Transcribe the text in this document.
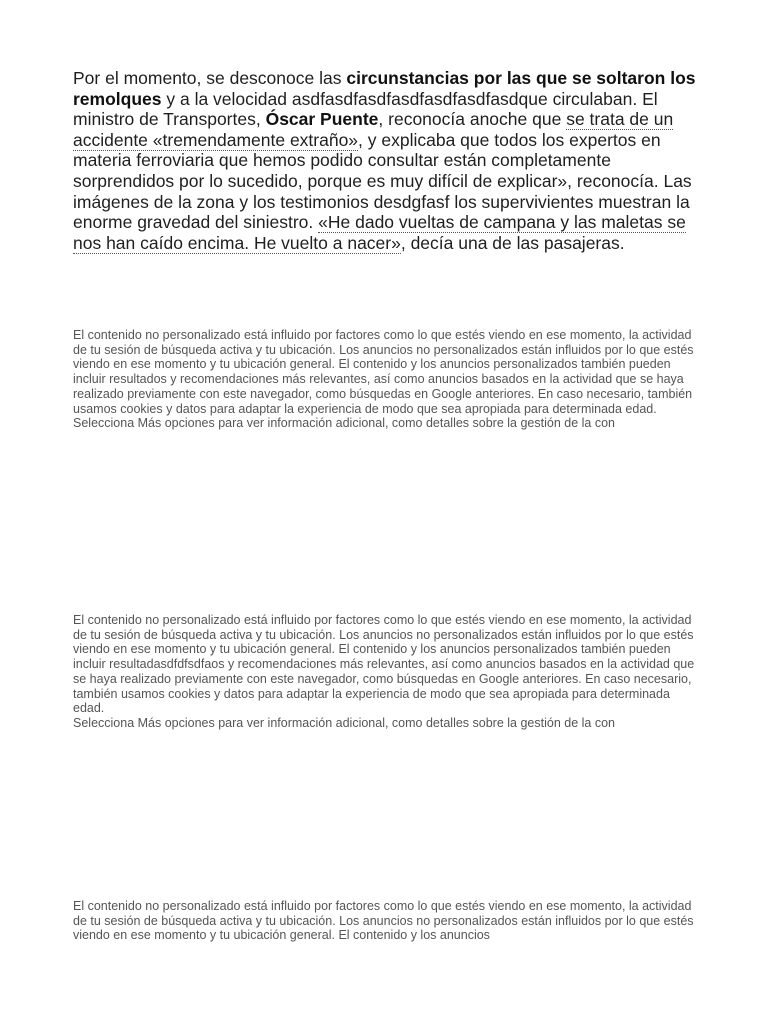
Por el momento, se desconoce las circunstancias por las que se soltaron los remolques y a la velocidad asdfasdfasdfasdfasdfasdfasdque circulaban. El ministro de Transportes, Óscar Puente, reconocía anoche que se trata de un accidente «tremendamente extraño», y explicaba que todos los expertos en materia ferroviaria que hemos podido consultar están completamente sorprendidos por lo sucedido, porque es muy difícil de explicar», reconocía. Las imágenes de la zona y los testimonios desdgfasf los supervivientes muestran la enorme gravedad del siniestro. «He dado vueltas de campana y las maletas se nos han caído encima. He vuelto a nacer», decía una de las pasajeras.

El contenido no personalizado está influido por factores como lo que estés viendo en ese momento, la actividad de tu sesión de búsqueda activa y tu ubicación. Los anuncios no personalizados están influidos por lo que estés viendo en ese momento y tu ubicación general. El contenido y los anuncios personalizados también pueden incluir resultados y recomendaciones más relevantes, así como anuncios basados en la actividad que se haya realizado previamente con este navegador, como búsquedas en Google anteriores. En caso necesario, también usamos cookies y datos para adaptar la experiencia de modo que sea apropiada para determinada edad.

Selecciona Más opciones para ver información adicional, como detalles sobre la gestión de la con

El contenido no personalizado está influido por factores como lo que estés viendo en ese momento, la actividad de tu sesión de búsqueda activa y tu ubicación. Los anuncios no personalizados están influidos por lo que estés viendo en ese momento y tu ubicación general. El contenido y los anuncios personalizados también pueden incluir resultadasdfdfsdfaos y recomendaciones más relevantes, así como anuncios basados en la actividad que se haya realizado previamente con este navegador, como búsquedas en Google anteriores. En caso necesario, también usamos cookies y datos para adaptar la experiencia de modo que sea apropiada para determinada edad.

Selecciona Más opciones para ver información adicional, como detalles sobre la gestión de la con

El contenido no personalizado está influido por factores como lo que estés viendo en ese momento, la actividad de tu sesión de búsqueda activa y tu ubicación. Los anuncios no personalizados están influidos por lo que estés viendo en ese momento y tu ubicación general. El contenido y los anuncios
